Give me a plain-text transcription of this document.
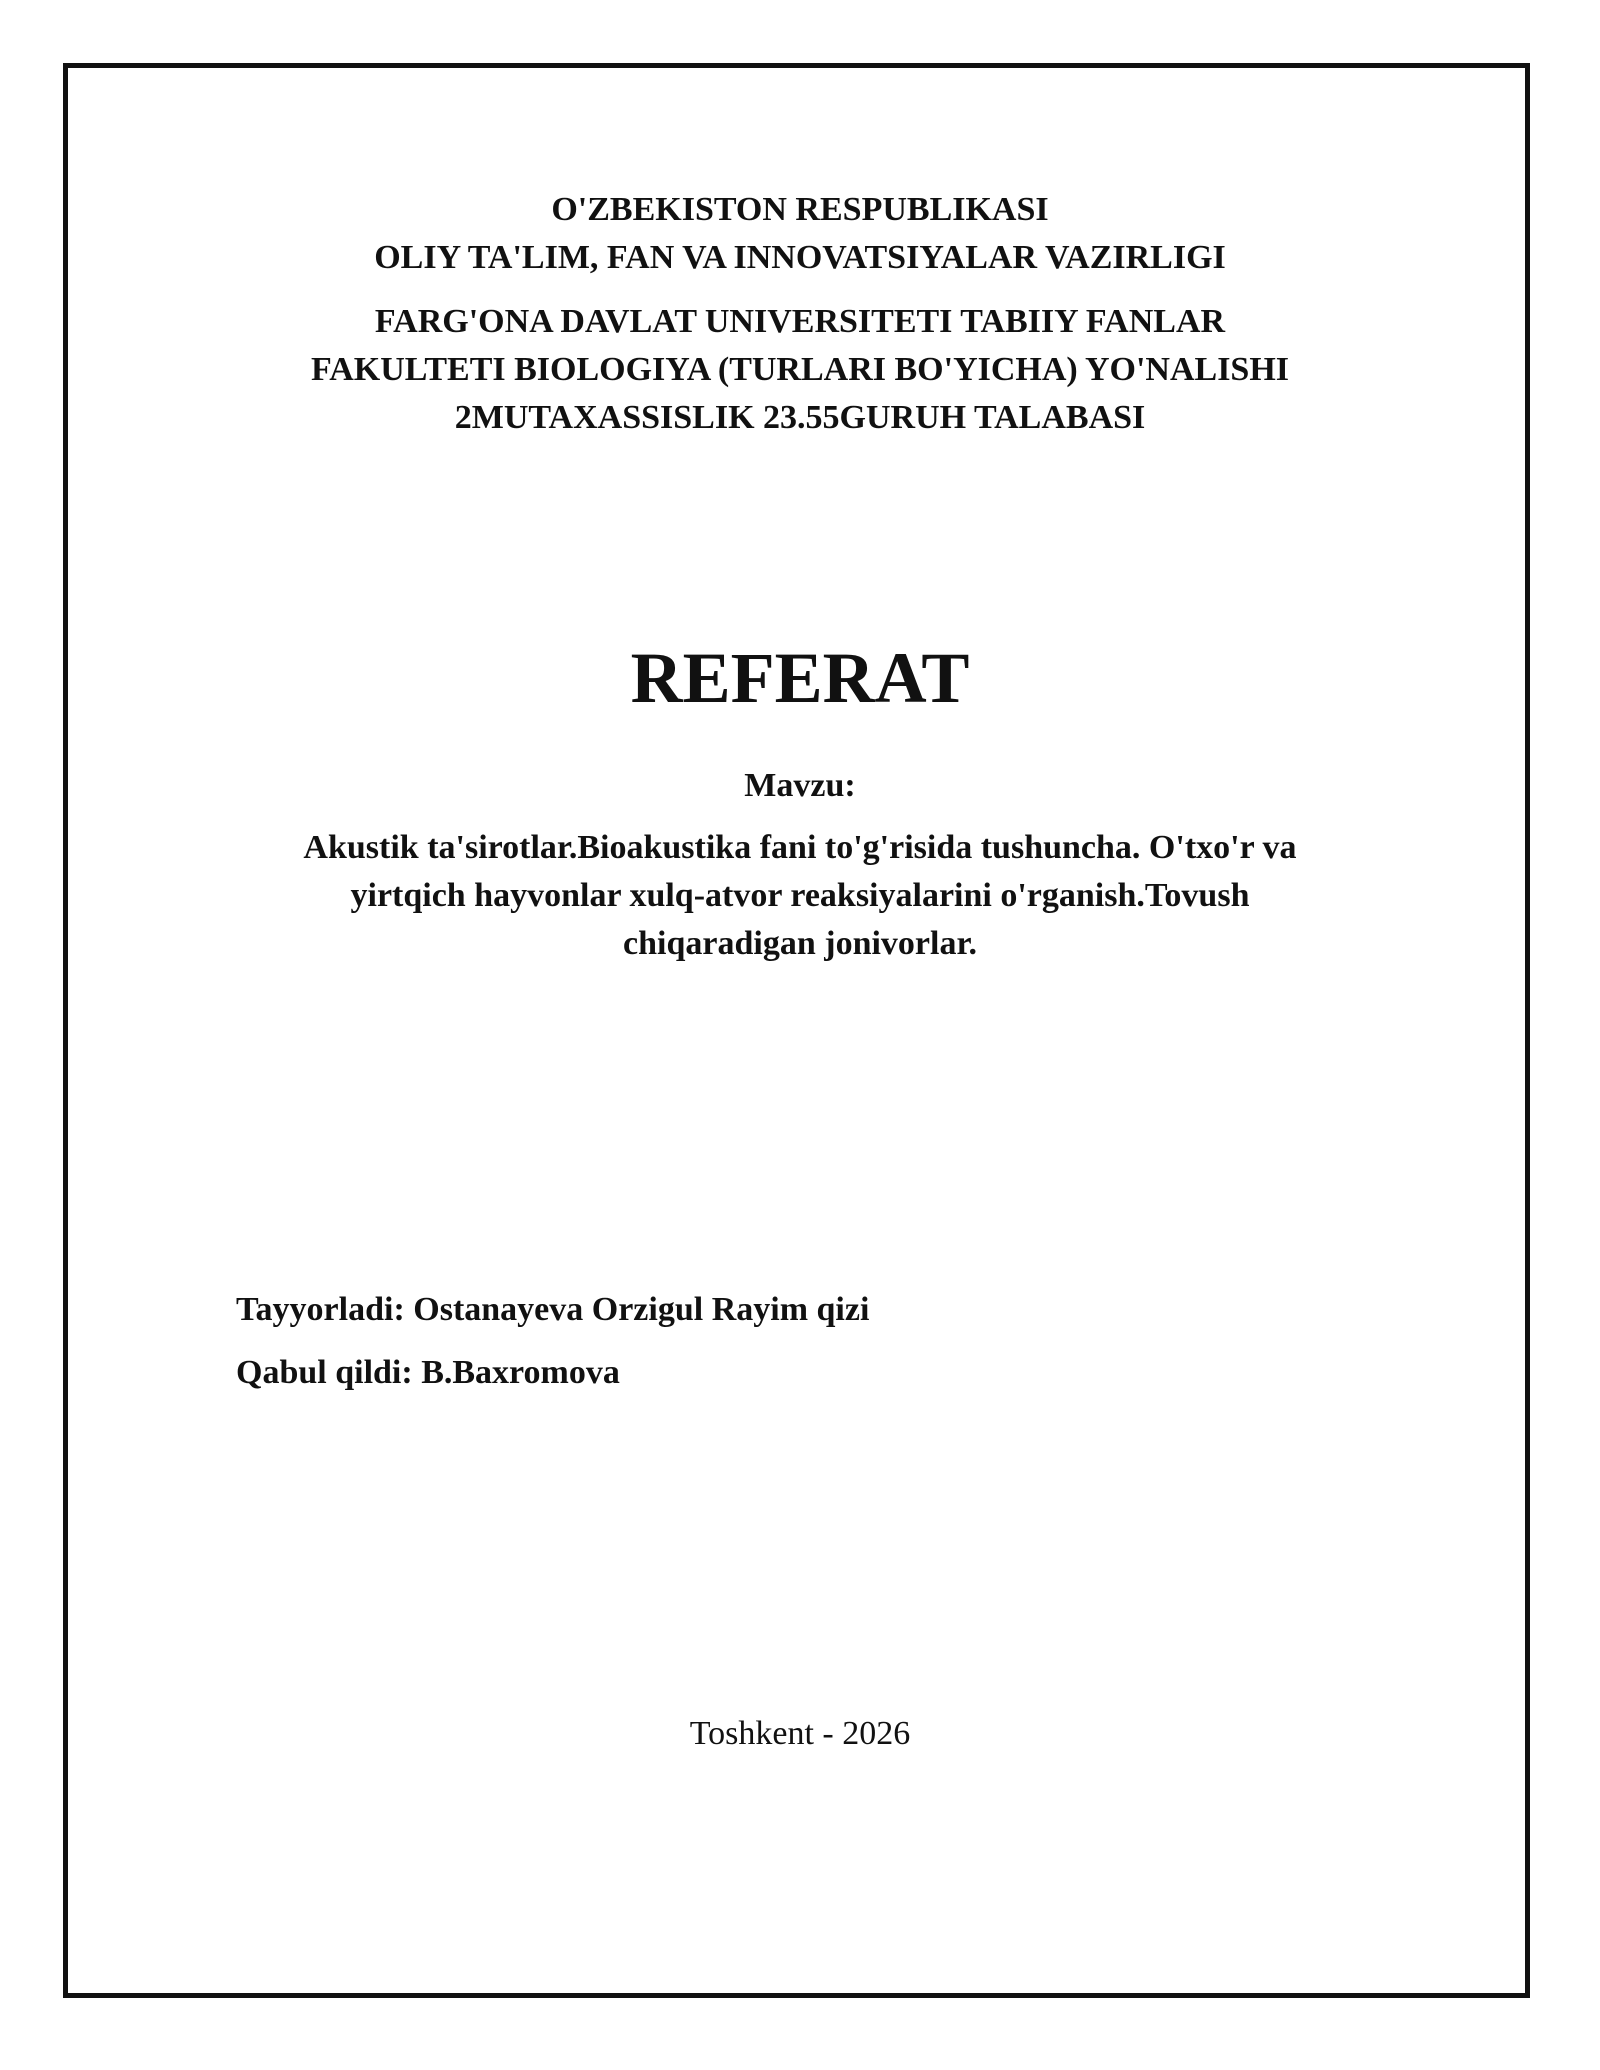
O'ZBEKISTON RESPUBLIKASI
OLIY TA'LIM, FAN VA INNOVATSIYALAR VAZIRLIGI
FARG'ONA DAVLAT UNIVERSITETI TABIIY FANLAR
FAKULTETI BIOLOGIYA (TURLARI BO'YICHA) YO'NALISHI
2MUTAXASSISLIK 23.55GURUH TALABASI
REFERAT
Mavzu:
Akustik ta'sirotlar.Bioakustika fani to'g'risida tushuncha. O'txo'r va
yirtqich hayvonlar xulq-atvor reaksiyalarini o'rganish.Tovush
chiqaradigan jonivorlar.
Tayyorladi: Ostanayeva Orzigul Rayim qizi
Qabul qildi: B.Baxromova
Toshkent - 2026
